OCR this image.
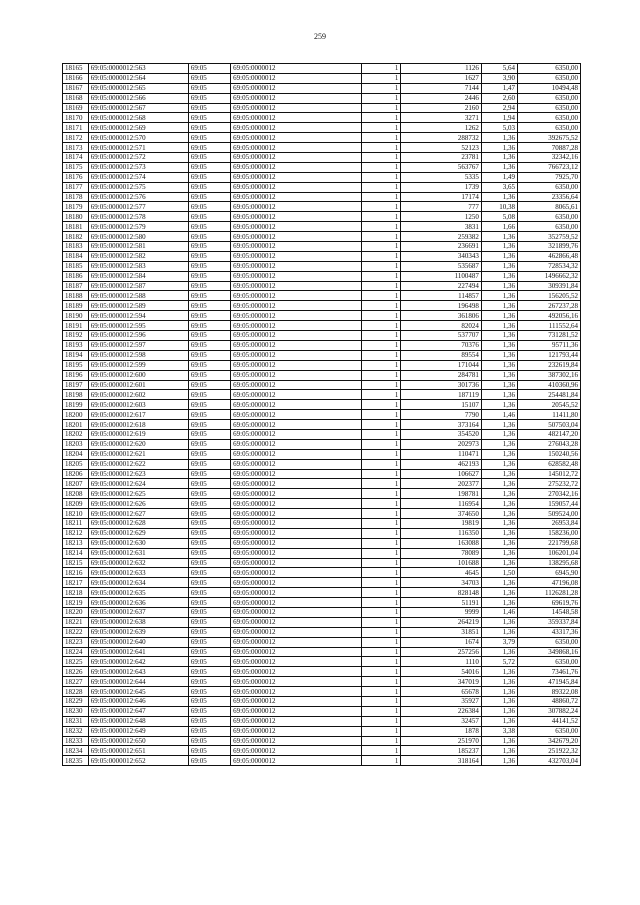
259
18165	69:05:0000012:563	69:05	69:05:0000012	1	1126	5,64	6350,00
18166	69:05:0000012:564	69:05	69:05:0000012	1	1627	3,90	6350,00
18167	69:05:0000012:565	69:05	69:05:0000012	1	7144	1,47	10494,48
18168	69:05:0000012:566	69:05	69:05:0000012	1	2446	2,60	6350,00
18169	69:05:0000012:567	69:05	69:05:0000012	1	2160	2,94	6350,00
18170	69:05:0000012:568	69:05	69:05:0000012	1	3271	1,94	6350,00
18171	69:05:0000012:569	69:05	69:05:0000012	1	1262	5,03	6350,00
18172	69:05:0000012:570	69:05	69:05:0000012	1	288732	1,36	392675,52
18173	69:05:0000012:571	69:05	69:05:0000012	1	52123	1,36	70887,28
18174	69:05:0000012:572	69:05	69:05:0000012	1	23781	1,36	32342,16
18175	69:05:0000012:573	69:05	69:05:0000012	1	563767	1,36	766723,12
18176	69:05:0000012:574	69:05	69:05:0000012	1	5335	1,49	7925,70
18177	69:05:0000012:575	69:05	69:05:0000012	1	1739	3,65	6350,00
18178	69:05:0000012:576	69:05	69:05:0000012	1	17174	1,36	23356,64
18179	69:05:0000012:577	69:05	69:05:0000012	1	777	10,38	8065,61
18180	69:05:0000012:578	69:05	69:05:0000012	1	1250	5,08	6350,00
18181	69:05:0000012:579	69:05	69:05:0000012	1	3831	1,66	6350,00
18182	69:05:0000012:580	69:05	69:05:0000012	1	259382	1,36	352759,52
18183	69:05:0000012:581	69:05	69:05:0000012	1	236691	1,36	321899,76
18184	69:05:0000012:582	69:05	69:05:0000012	1	340343	1,36	462866,48
18185	69:05:0000012:583	69:05	69:05:0000012	1	535687	1,36	728534,32
18186	69:05:0000012:584	69:05	69:05:0000012	1	1100487	1,36	1496662,32
18187	69:05:0000012:587	69:05	69:05:0000012	1	227494	1,36	309391,84
18188	69:05:0000012:588	69:05	69:05:0000012	1	114857	1,36	156205,52
18189	69:05:0000012:589	69:05	69:05:0000012	1	196498	1,36	267237,28
18190	69:05:0000012:594	69:05	69:05:0000012	1	361806	1,36	492056,16
18191	69:05:0000012:595	69:05	69:05:0000012	1	82024	1,36	111552,64
18192	69:05:0000012:596	69:05	69:05:0000012	1	537707	1,36	731281,52
18193	69:05:0000012:597	69:05	69:05:0000012	1	70376	1,36	95711,36
18194	69:05:0000012:598	69:05	69:05:0000012	1	89554	1,36	121793,44
18195	69:05:0000012:599	69:05	69:05:0000012	1	171044	1,36	232619,84
18196	69:05:0000012:600	69:05	69:05:0000012	1	284781	1,36	387302,16
18197	69:05:0000012:601	69:05	69:05:0000012	1	301736	1,36	410360,96
18198	69:05:0000012:602	69:05	69:05:0000012	1	187119	1,36	254481,84
18199	69:05:0000012:603	69:05	69:05:0000012	1	15107	1,36	20545,52
18200	69:05:0000012:617	69:05	69:05:0000012	1	7790	1,46	11411,80
18201	69:05:0000012:618	69:05	69:05:0000012	1	373164	1,36	507503,04
18202	69:05:0000012:619	69:05	69:05:0000012	1	354520	1,36	482147,20
18203	69:05:0000012:620	69:05	69:05:0000012	1	202973	1,36	276043,28
18204	69:05:0000012:621	69:05	69:05:0000012	1	110471	1,36	150240,56
18205	69:05:0000012:622	69:05	69:05:0000012	1	462193	1,36	628582,48
18206	69:05:0000012:623	69:05	69:05:0000012	1	106627	1,36	145012,72
18207	69:05:0000012:624	69:05	69:05:0000012	1	202377	1,36	275232,72
18208	69:05:0000012:625	69:05	69:05:0000012	1	198781	1,36	270342,16
18209	69:05:0000012:626	69:05	69:05:0000012	1	116954	1,36	159057,44
18210	69:05:0000012:627	69:05	69:05:0000012	1	374650	1,36	509524,00
18211	69:05:0000012:628	69:05	69:05:0000012	1	19819	1,36	26953,84
18212	69:05:0000012:629	69:05	69:05:0000012	1	116350	1,36	158236,00
18213	69:05:0000012:630	69:05	69:05:0000012	1	163088	1,36	221799,68
18214	69:05:0000012:631	69:05	69:05:0000012	1	78089	1,36	106201,04
18215	69:05:0000012:632	69:05	69:05:0000012	1	101688	1,36	138295,68
18216	69:05:0000012:633	69:05	69:05:0000012	1	4645	1,50	6945,90
18217	69:05:0000012:634	69:05	69:05:0000012	1	34703	1,36	47196,08
18218	69:05:0000012:635	69:05	69:05:0000012	1	828148	1,36	1126281,28
18219	69:05:0000012:636	69:05	69:05:0000012	1	51191	1,36	69619,76
18220	69:05:0000012:637	69:05	69:05:0000012	1	9999	1,46	14548,58
18221	69:05:0000012:638	69:05	69:05:0000012	1	264219	1,36	359337,84
18222	69:05:0000012:639	69:05	69:05:0000012	1	31851	1,36	43317,36
18223	69:05:0000012:640	69:05	69:05:0000012	1	1674	3,79	6350,00
18224	69:05:0000012:641	69:05	69:05:0000012	1	257256	1,36	349868,16
18225	69:05:0000012:642	69:05	69:05:0000012	1	1110	5,72	6350,00
18226	69:05:0000012:643	69:05	69:05:0000012	1	54016	1,36	73461,76
18227	69:05:0000012:644	69:05	69:05:0000012	1	347019	1,36	471945,84
18228	69:05:0000012:645	69:05	69:05:0000012	1	65678	1,36	89322,08
18229	69:05:0000012:646	69:05	69:05:0000012	1	35927	1,36	48860,72
18230	69:05:0000012:647	69:05	69:05:0000012	1	226384	1,36	307882,24
18231	69:05:0000012:648	69:05	69:05:0000012	1	32457	1,36	44141,52
18232	69:05:0000012:649	69:05	69:05:0000012	1	1878	3,38	6350,00
18233	69:05:0000012:650	69:05	69:05:0000012	1	251970	1,36	342679,20
18234	69:05:0000012:651	69:05	69:05:0000012	1	185237	1,36	251922,32
18235	69:05:0000012:652	69:05	69:05:0000012	1	318164	1,36	432703,04
